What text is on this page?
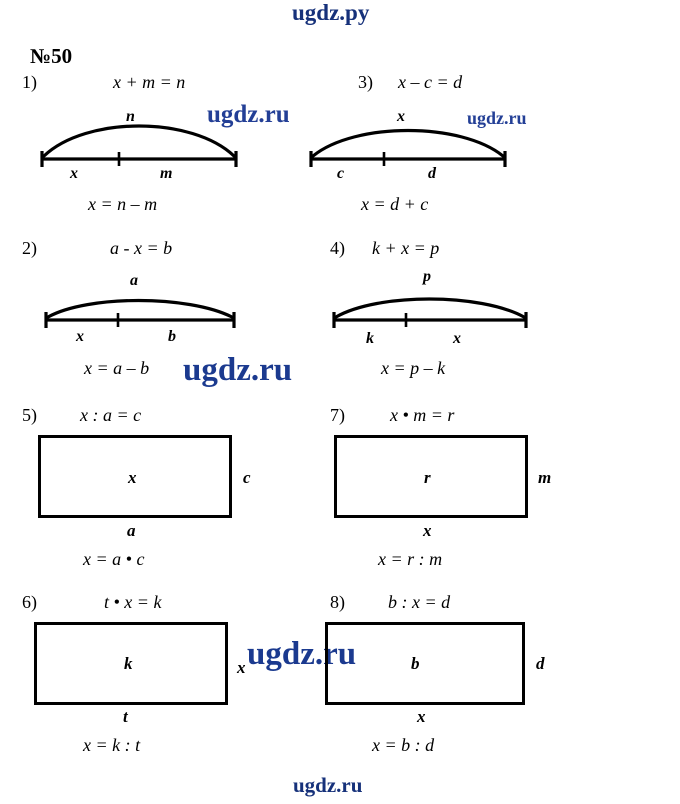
ugdz.py
ugdz.ru	ugdz.ru
ugdz.ru
ugdz.ru
ugdz.ru
№50
1)	x + m = n
n
x	m
x = n – m
3) x – c = d
x
c	d
x = d + c
2)	a - x = b
a
x	b
x = a – b
4) k + x = p
p
k	x
x = p – k
5) x : a = c
x	c
a
x = a • c
7)	x • m = r
r	m
x
x = r : m
6)	t • x = k
k	x
t
x = k : t
8) b : x = d
b	d
x
x = b : d
